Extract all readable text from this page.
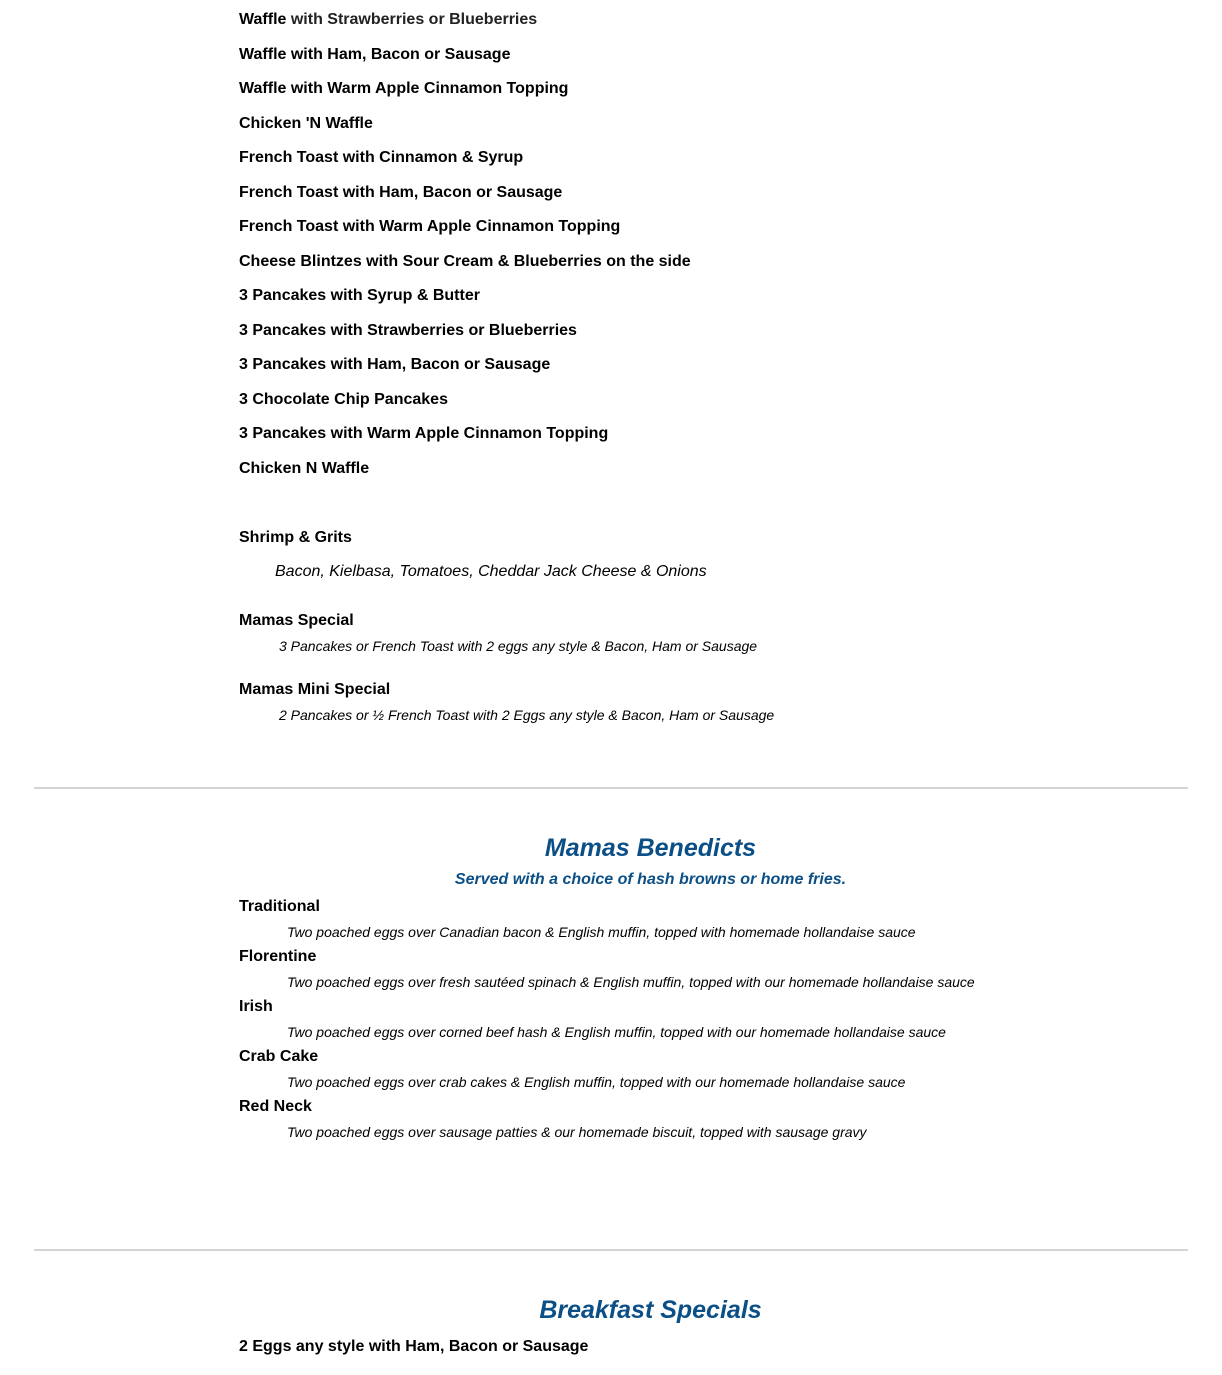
Waffle with Strawberries or Blueberries
Waffle with Ham, Bacon or Sausage
Waffle with Warm Apple Cinnamon Topping
Chicken 'N Waffle
French Toast with Cinnamon & Syrup
French Toast with Ham, Bacon or Sausage
French Toast with Warm Apple Cinnamon Topping
Cheese Blintzes with Sour Cream & Blueberries on the side
3 Pancakes with Syrup & Butter
3 Pancakes with Strawberries or Blueberries
3 Pancakes with Ham, Bacon or Sausage
3 Chocolate Chip Pancakes
3 Pancakes with Warm Apple Cinnamon Topping
Chicken N Waffle
Shrimp & Grits
Bacon, Kielbasa, Tomatoes, Cheddar Jack Cheese & Onions
Mamas Special
3 Pancakes or French Toast with 2 eggs any style & Bacon, Ham or Sausage
Mamas Mini Special
2 Pancakes or ½ French Toast with 2 Eggs any style & Bacon, Ham or Sausage
Mamas Benedicts
Served with a choice of hash browns or home fries.
Traditional
Two poached eggs over Canadian bacon & English muffin, topped with homemade hollandaise sauce
Florentine
Two poached eggs over fresh sautéed spinach & English muffin, topped with our homemade hollandaise sauce
Irish
Two poached eggs over corned beef hash & English muffin, topped with our homemade hollandaise sauce
Crab Cake
Two poached eggs over crab cakes & English muffin, topped with our homemade hollandaise sauce
Red Neck
Two poached eggs over sausage patties & our homemade biscuit, topped with sausage gravy
Breakfast Specials
2 Eggs any style with Ham, Bacon or Sausage
